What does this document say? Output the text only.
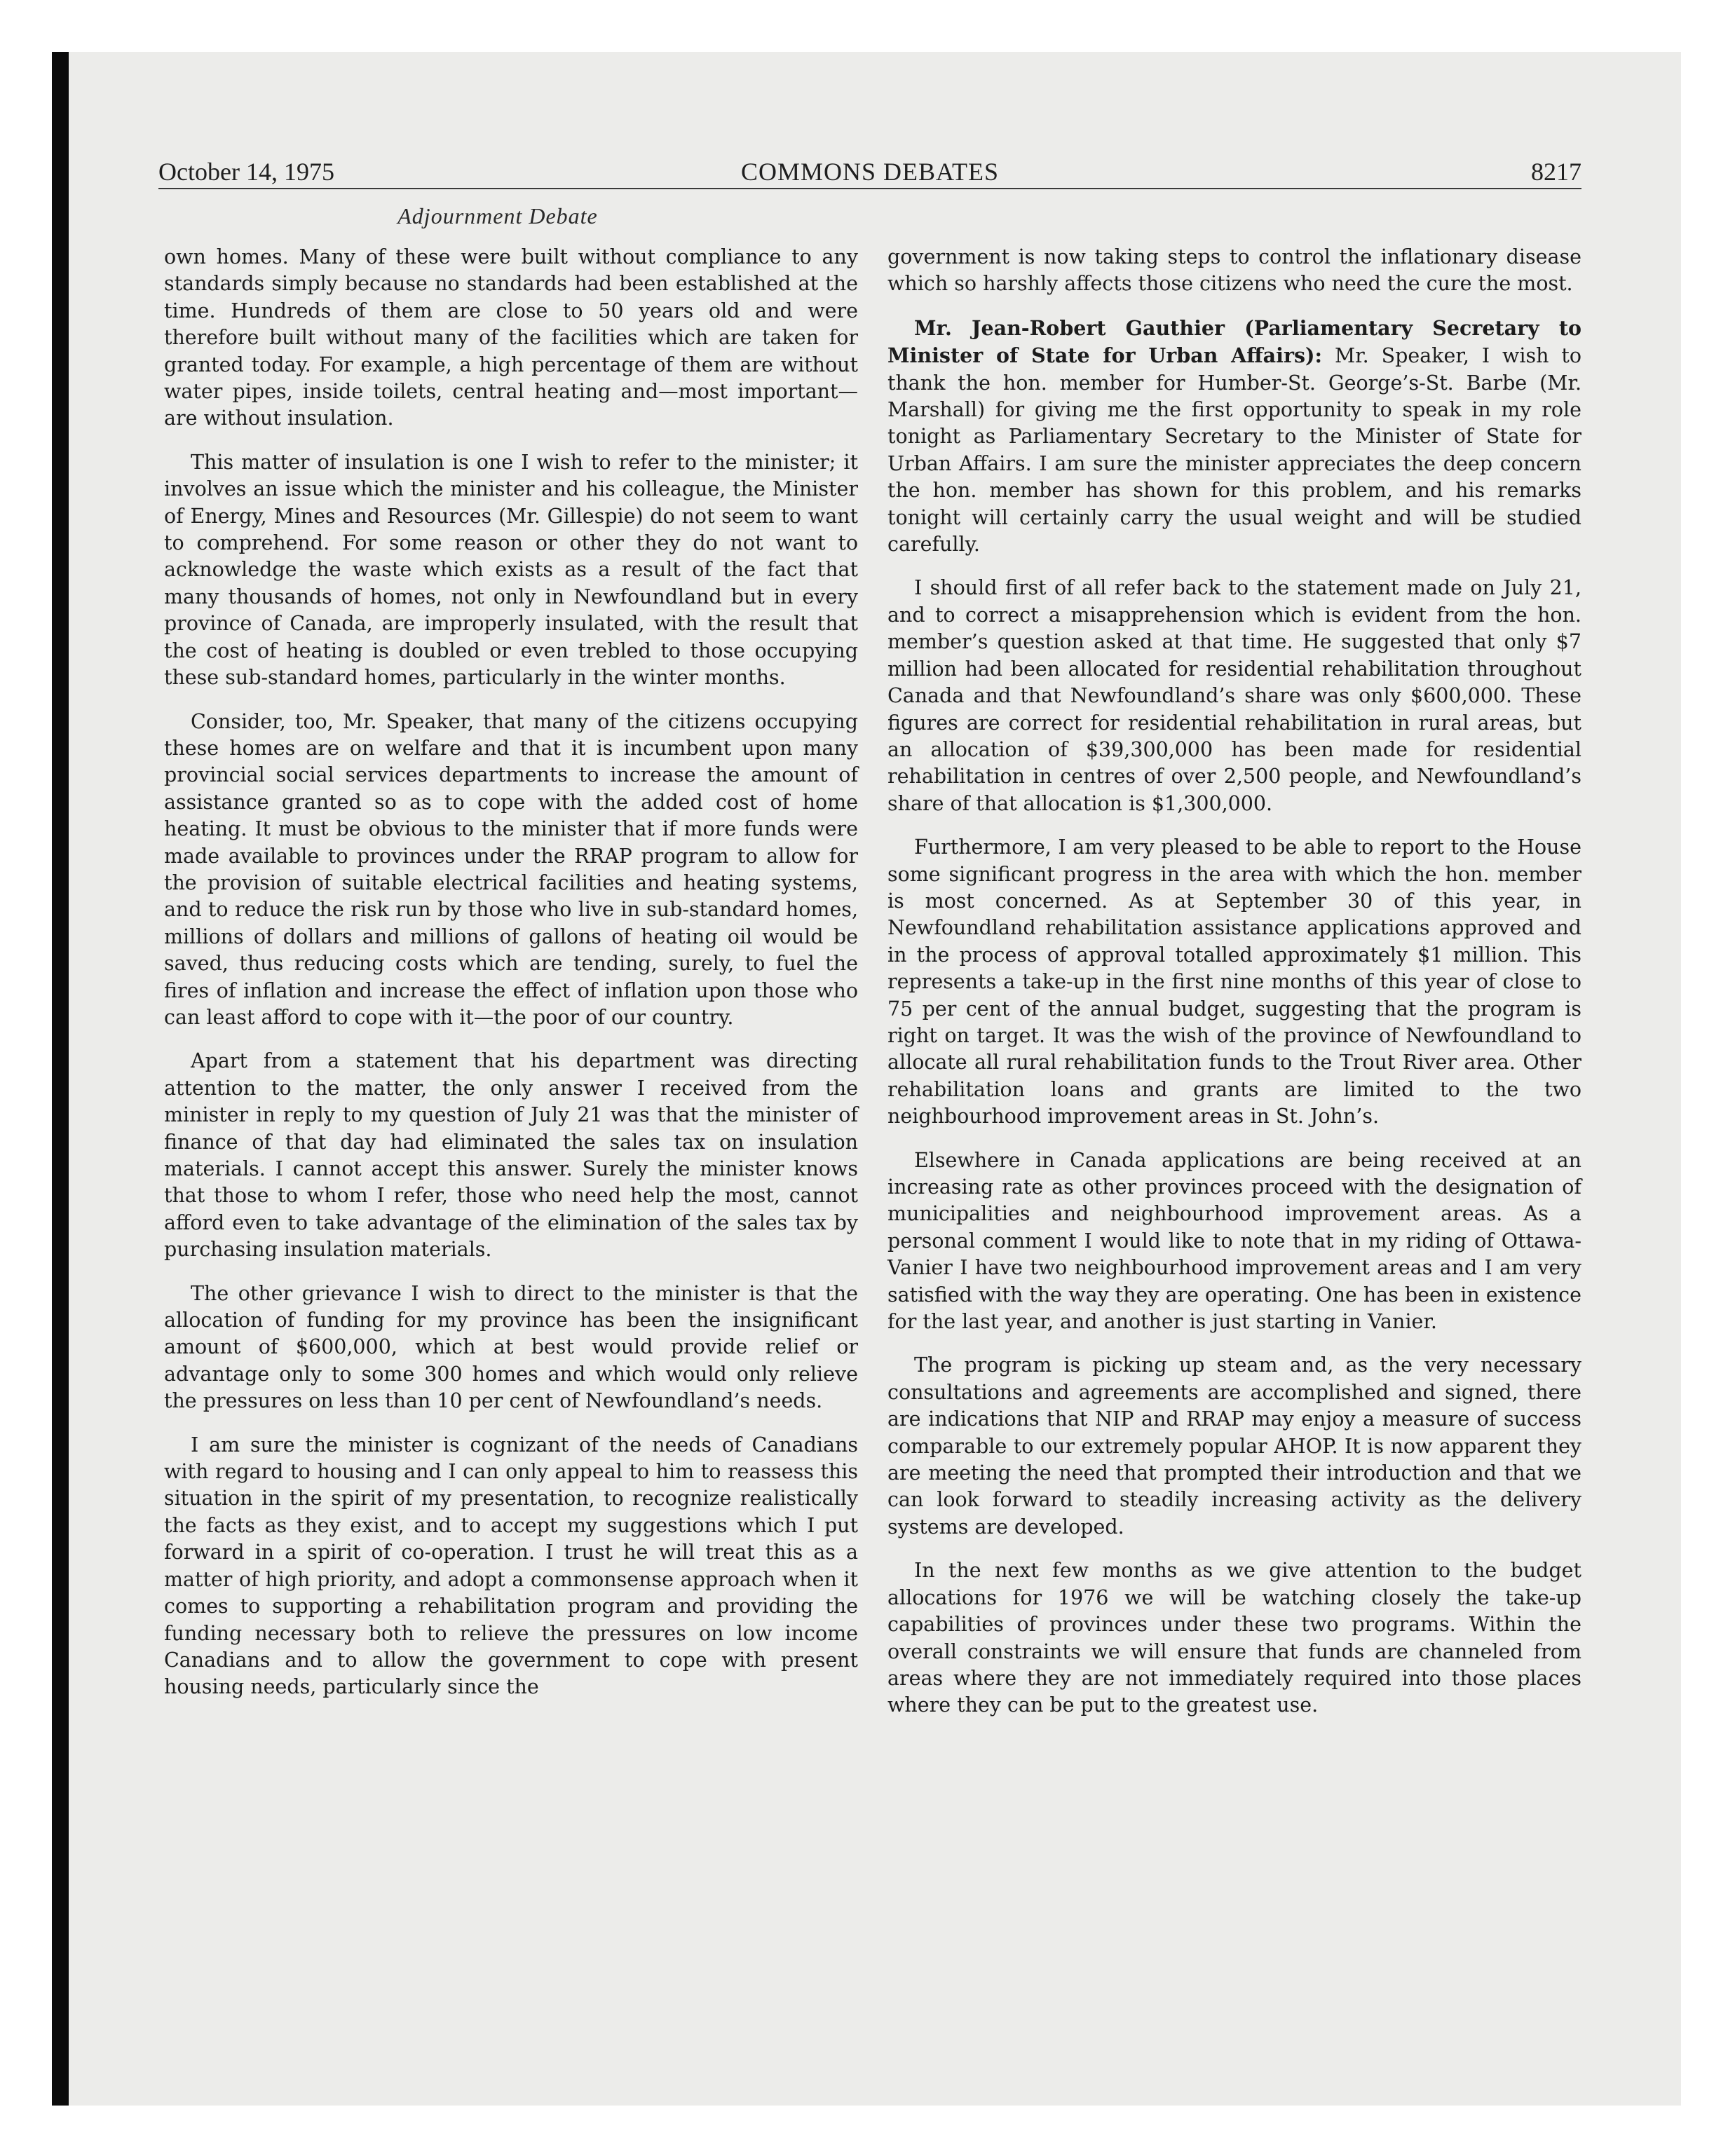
October 14, 1975	COMMONS DEBATES	8217
Adjournment Debate

own homes. Many of these were built without compliance to any standards simply because no standards had been established at the time. Hundreds of them are close to 50 years old and were therefore built without many of the facilities which are taken for granted today. For example, a high percentage of them are without water pipes, inside toilets, central heating and—most important—are without insulation.

This matter of insulation is one I wish to refer to the minister; it involves an issue which the minister and his colleague, the Minister of Energy, Mines and Resources (Mr. Gillespie) do not seem to want to comprehend. For some reason or other they do not want to acknowledge the waste which exists as a result of the fact that many thousands of homes, not only in Newfoundland but in every province of Canada, are improperly insulated, with the result that the cost of heating is doubled or even trebled to those occupying these sub-standard homes, particularly in the winter months.

Consider, too, Mr. Speaker, that many of the citizens occupying these homes are on welfare and that it is incumbent upon many provincial social services departments to increase the amount of assistance granted so as to cope with the added cost of home heating. It must be obvious to the minister that if more funds were made available to provinces under the RRAP program to allow for the provision of suitable electrical facilities and heating systems, and to reduce the risk run by those who live in sub-standard homes, millions of dollars and millions of gallons of heating oil would be saved, thus reducing costs which are tending, surely, to fuel the fires of inflation and increase the effect of inflation upon those who can least afford to cope with it—the poor of our country.

Apart from a statement that his department was directing attention to the matter, the only answer I received from the minister in reply to my question of July 21 was that the minister of finance of that day had eliminated the sales tax on insulation materials. I cannot accept this answer. Surely the minister knows that those to whom I refer, those who need help the most, cannot afford even to take advantage of the elimination of the sales tax by purchasing insulation materials.

The other grievance I wish to direct to the minister is that the allocation of funding for my province has been the insignificant amount of $600,000, which at best would provide relief or advantage only to some 300 homes and which would only relieve the pressures on less than 10 per cent of Newfoundland’s needs.

I am sure the minister is cognizant of the needs of Canadians with regard to housing and I can only appeal to him to reassess this situation in the spirit of my presentation, to recognize realistically the facts as they exist, and to accept my suggestions which I put forward in a spirit of co-operation. I trust he will treat this as a matter of high priority, and adopt a commonsense approach when it comes to supporting a rehabilitation program and providing the funding necessary both to relieve the pressures on low income Canadians and to allow the government to cope with present housing needs, particularly since the

government is now taking steps to control the inflationary disease which so harshly affects those citizens who need the cure the most.

Mr. Jean-Robert Gauthier (Parliamentary Secretary to Minister of State for Urban Affairs): Mr. Speaker, I wish to thank the hon. member for Humber-St. George’s-St. Barbe (Mr. Marshall) for giving me the first opportunity to speak in my role tonight as Parliamentary Secretary to the Minister of State for Urban Affairs. I am sure the minister appreciates the deep concern the hon. member has shown for this problem, and his remarks tonight will certainly carry the usual weight and will be studied carefully.

I should first of all refer back to the statement made on July 21, and to correct a misapprehension which is evident from the hon. member’s question asked at that time. He suggested that only $7 million had been allocated for residential rehabilitation throughout Canada and that Newfoundland’s share was only $600,000. These figures are correct for residential rehabilitation in rural areas, but an allocation of $39,300,000 has been made for residential rehabilitation in centres of over 2,500 people, and Newfoundland’s share of that allocation is $1,300,000.

Furthermore, I am very pleased to be able to report to the House some significant progress in the area with which the hon. member is most concerned. As at September 30 of this year, in Newfoundland rehabilitation assistance applications approved and in the process of approval totalled approximately $1 million. This represents a take-up in the first nine months of this year of close to 75 per cent of the annual budget, suggesting that the program is right on target. It was the wish of the province of Newfoundland to allocate all rural rehabilitation funds to the Trout River area. Other rehabilitation loans and grants are limited to the two neighbourhood improvement areas in St. John’s.

Elsewhere in Canada applications are being received at an increasing rate as other provinces proceed with the designation of municipalities and neighbourhood improvement areas. As a personal comment I would like to note that in my riding of Ottawa-Vanier I have two neighbourhood improvement areas and I am very satisfied with the way they are operating. One has been in existence for the last year, and another is just starting in Vanier.

The program is picking up steam and, as the very necessary consultations and agreements are accomplished and signed, there are indications that NIP and RRAP may enjoy a measure of success comparable to our extremely popular AHOP. It is now apparent they are meeting the need that prompted their introduction and that we can look forward to steadily increasing activity as the delivery systems are developed.

In the next few months as we give attention to the budget allocations for 1976 we will be watching closely the take-up capabilities of provinces under these two programs. Within the overall constraints we will ensure that funds are channeled from areas where they are not immediately required into those places where they can be put to the greatest use.
